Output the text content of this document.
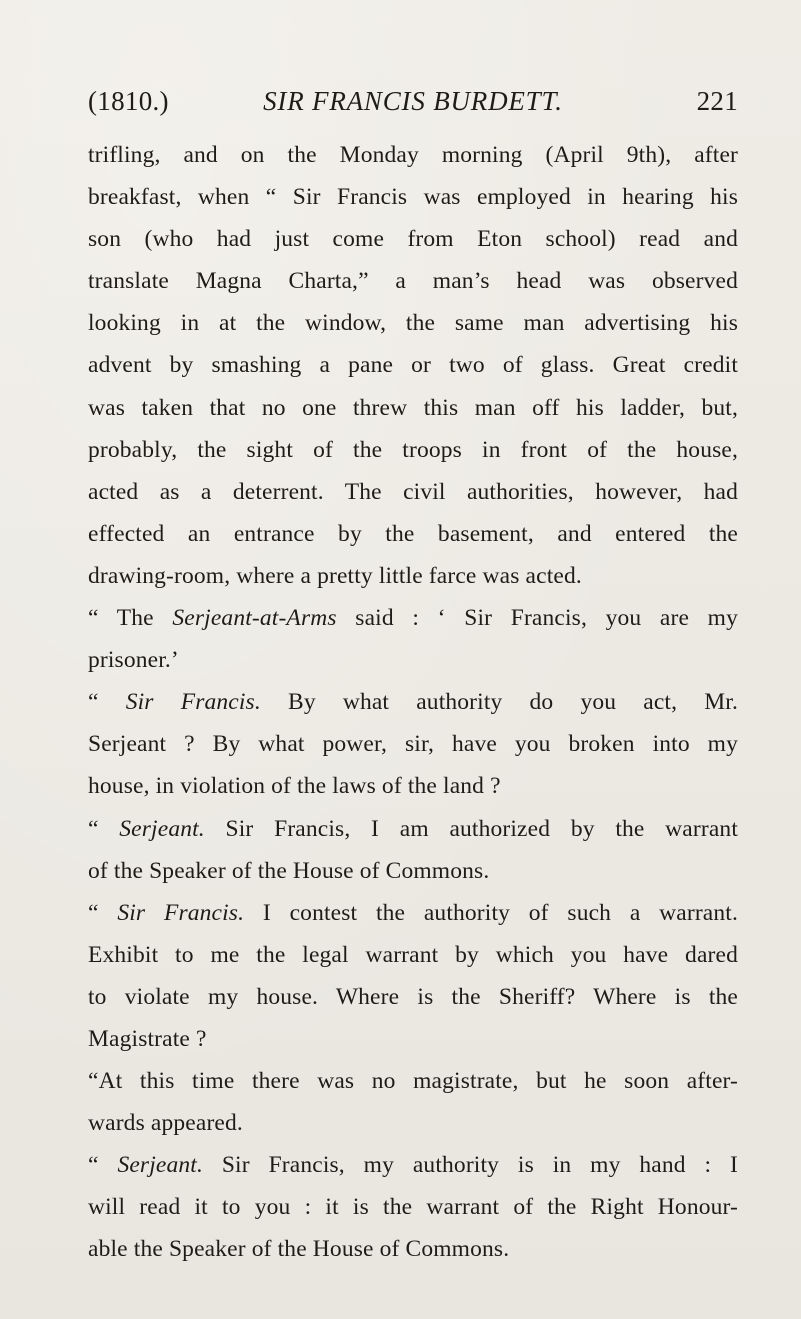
(1810.)	SIR FRANCIS BURDETT.	221
trifling, and on the Monday morning (April 9th), after
breakfast, when “ Sir Francis was employed in hearing his
son (who had just come from Eton school) read and
translate Magna Charta,” a man’s head was observed
looking in at the window, the same man advertising his
advent by smashing a pane or two of glass. Great credit
was taken that no one threw this man off his ladder, but,
probably, the sight of the troops in front of the house,
acted as a deterrent. The civil authorities, however, had
effected an entrance by the basement, and entered the
drawing-room, where a pretty little farce was acted.
“ The Serjeant-at-Arms said : ‘ Sir Francis, you are my
prisoner.’
“ Sir Francis. By what authority do you act, Mr.
Serjeant ? By what power, sir, have you broken into my
house, in violation of the laws of the land ?
“ Serjeant. Sir Francis, I am authorized by the warrant
of the Speaker of the House of Commons.
“ Sir Francis. I contest the authority of such a warrant.
Exhibit to me the legal warrant by which you have dared
to violate my house. Where is the Sheriff? Where is the
Magistrate ?
“At this time there was no magistrate, but he soon after-
wards appeared.
“ Serjeant. Sir Francis, my authority is in my hand : I
will read it to you : it is the warrant of the Right Honour-
able the Speaker of the House of Commons.
